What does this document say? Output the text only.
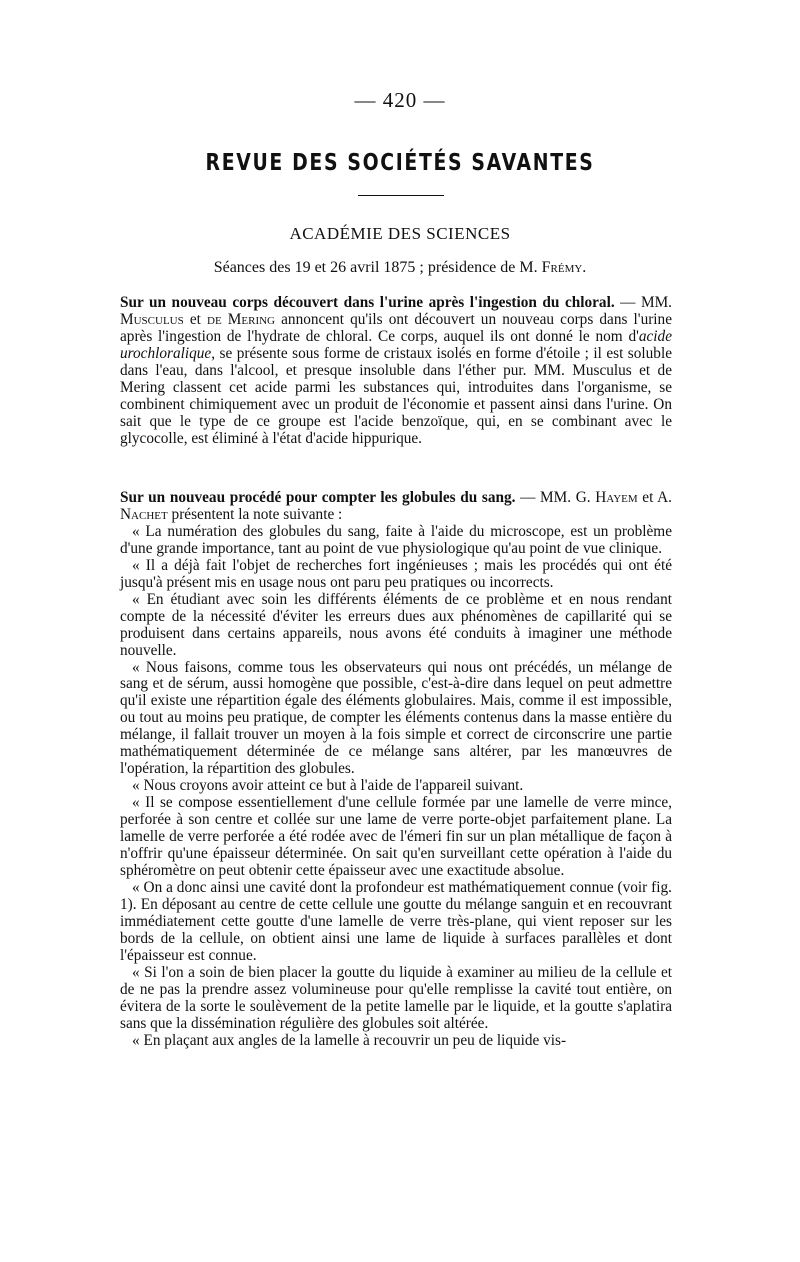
— 420 —
REVUE DES SOCIÉTÉS SAVANTES
ACADÉMIE DES SCIENCES
Séances des 19 et 26 avril 1875 ; présidence de M. Frémy.

Sur un nouveau corps découvert dans l'urine après l'ingestion du chloral. — MM. Musculus et de Mering annoncent qu'ils ont découvert un nouveau corps dans l'urine après l'ingestion de l'hydrate de chloral. Ce corps, auquel ils ont donné le nom d'acide urochloralique, se présente sous forme de cristaux isolés en forme d'étoile ; il est soluble dans l'eau, dans l'alcool, et presque insoluble dans l'éther pur. MM. Musculus et de Mering classent cet acide parmi les substances qui, introduites dans l'organisme, se combinent chimiquement avec un produit de l'économie et passent ainsi dans l'urine. On sait que le type de ce groupe est l'acide benzoïque, qui, en se combinant avec le glycocolle, est éliminé à l'état d'acide hippurique.

Sur un nouveau procédé pour compter les globules du sang. — MM. G. Hayem et A. Nachet présentent la note suivante :

« La numération des globules du sang, faite à l'aide du microscope, est un problème d'une grande importance, tant au point de vue physiologique qu'au point de vue clinique.

« Il a déjà fait l'objet de recherches fort ingénieuses ; mais les procédés qui ont été jusqu'à présent mis en usage nous ont paru peu pratiques ou incorrects.

« En étudiant avec soin les différents éléments de ce problème et en nous rendant compte de la nécessité d'éviter les erreurs dues aux phénomènes de capillarité qui se produisent dans certains appareils, nous avons été conduits à imaginer une méthode nouvelle.

« Nous faisons, comme tous les observateurs qui nous ont précédés, un mélange de sang et de sérum, aussi homogène que possible, c'est-à-dire dans lequel on peut admettre qu'il existe une répartition égale des éléments globulaires. Mais, comme il est impossible, ou tout au moins peu pratique, de compter les éléments contenus dans la masse entière du mélange, il fallait trouver un moyen à la fois simple et correct de circonscrire une partie mathématiquement déterminée de ce mélange sans altérer, par les manœuvres de l'opération, la répartition des globules.

« Nous croyons avoir atteint ce but à l'aide de l'appareil suivant.

« Il se compose essentiellement d'une cellule formée par une lamelle de verre mince, perforée à son centre et collée sur une lame de verre porte-objet parfaitement plane. La lamelle de verre perforée a été rodée avec de l'émeri fin sur un plan métallique de façon à n'offrir qu'une épaisseur déterminée. On sait qu'en surveillant cette opération à l'aide du sphéromètre on peut obtenir cette épaisseur avec une exactitude absolue.

« On a donc ainsi une cavité dont la profondeur est mathématiquement connue (voir fig. 1). En déposant au centre de cette cellule une goutte du mélange sanguin et en recouvrant immédiatement cette goutte d'une lamelle de verre très-plane, qui vient reposer sur les bords de la cellule, on obtient ainsi une lame de liquide à surfaces parallèles et dont l'épaisseur est connue.

« Si l'on a soin de bien placer la goutte du liquide à examiner au milieu de la cellule et de ne pas la prendre assez volumineuse pour qu'elle remplisse la cavité tout entière, on évitera de la sorte le soulèvement de la petite lamelle par le liquide, et la goutte s'aplatira sans que la dissémination régulière des globules soit altérée.

« En plaçant aux angles de la lamelle à recouvrir un peu de liquide vis-
